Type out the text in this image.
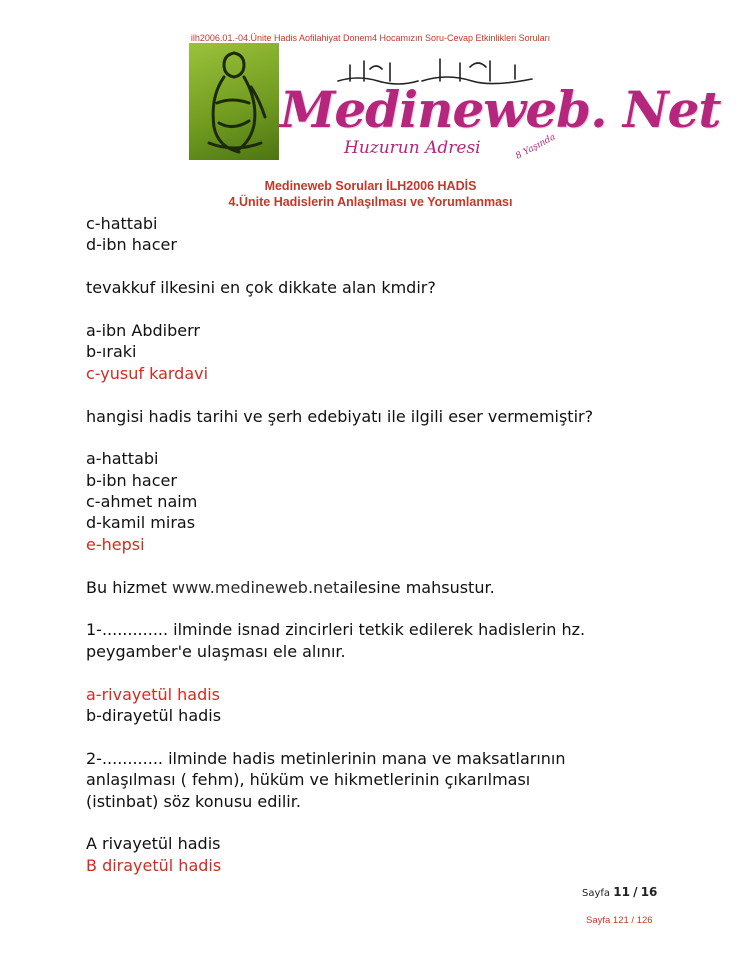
ilh2006.01.-04.Ünite Hadis Aofilahiyat Donem4 Hocamızın Soru-Cevap Etkinlikleri Soruları
Medineweb. Net
Huzurun Adresi	8 Yaşında
Medineweb Soruları İLH2006 HADİS
4.Ünite Hadislerin Anlaşılması ve Yorumlanması
c-hattabi
d-ibn hacer
tevakkuf ilkesini en çok dikkate alan kmdir?
a-ibn Abdiberr
b-ıraki
c-yusuf kardavi
hangisi hadis tarihi ve şerh edebiyatı ile ilgili eser vermemiştir?
a-hattabi
b-ibn hacer
c-ahmet naim
d-kamil miras
e-hepsi
Bu hizmet www.medineweb.netailesine mahsustur.
1-............. ilminde isnad zincirleri tetkik edilerek hadislerin hz.
peygamber'e ulaşması ele alınır.
a-rivayetül hadis
b-dirayetül hadis
2-............ ilminde hadis metinlerinin mana ve maksatlarının
anlaşılması ( fehm), hüküm ve hikmetlerinin çıkarılması
(istinbat) söz konusu edilir.
A rivayetül hadis
B dirayetül hadis
Sayfa 11 / 16
Sayfa 121 / 126
